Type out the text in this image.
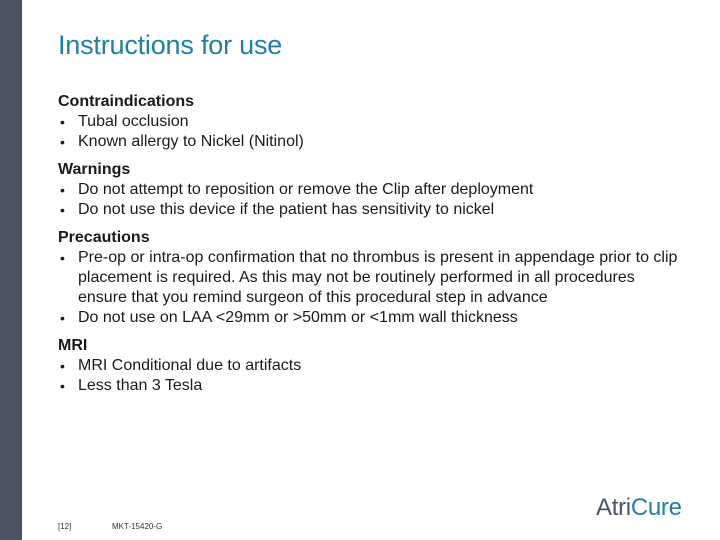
Instructions for use
Contraindications
• Tubal occlusion
• Known allergy to Nickel (Nitinol)
Warnings
• Do not attempt to reposition or remove the Clip after deployment
• Do not use this device if the patient has sensitivity to nickel
Precautions
• Pre-op or intra-op confirmation that no thrombus is present in appendage prior to clip placement is required. As this may not be routinely performed in all procedures ensure that you remind surgeon of this procedural step in advance
• Do not use on LAA <29mm or >50mm or <1mm wall thickness
MRI
• MRI Conditional due to artifacts
• Less than 3 Tesla
[12]	MKT-15420-G
AtriCure
